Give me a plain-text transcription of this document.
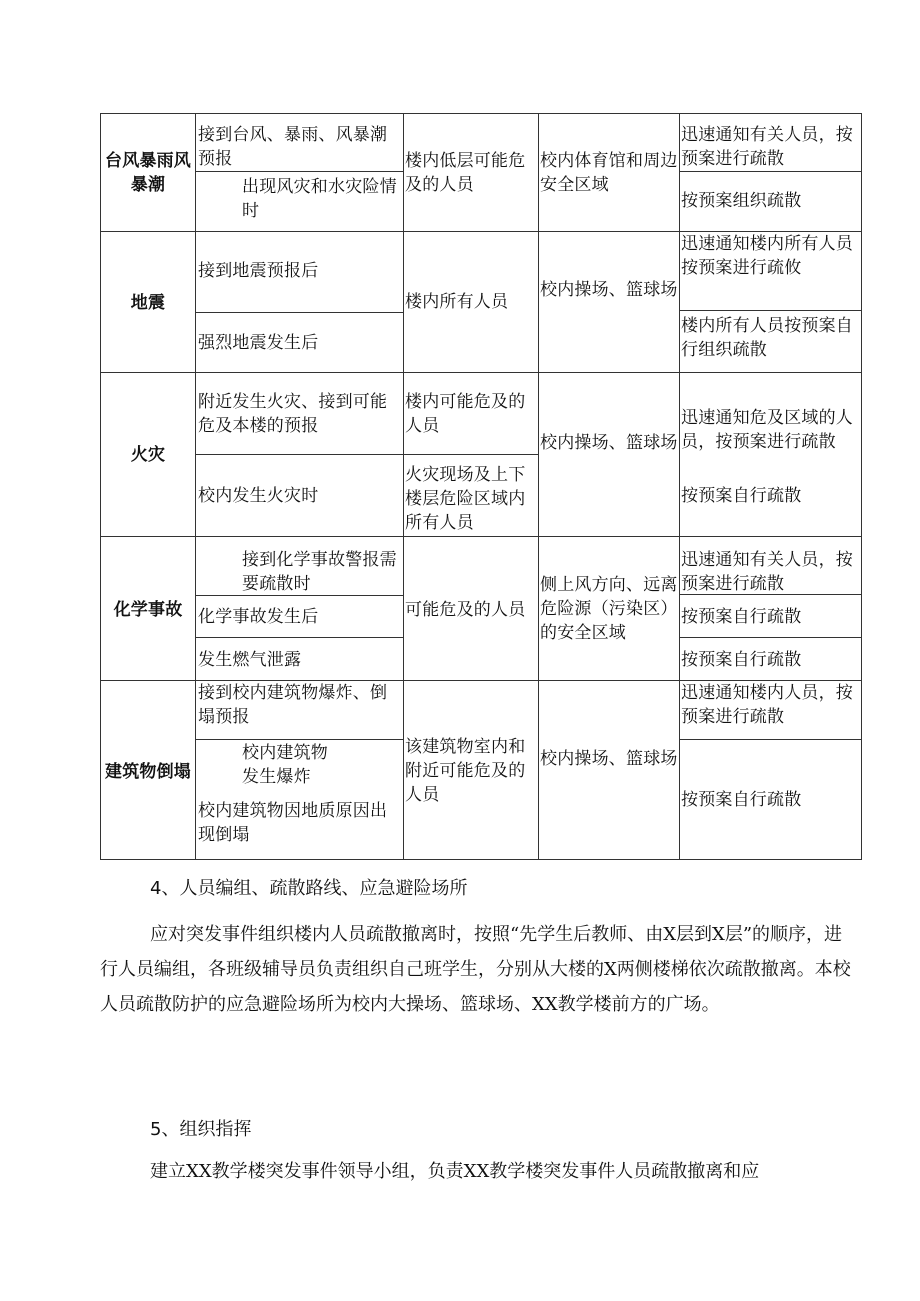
台风暴雨风暴潮
接到台风、暴雨、风暴潮预报
出现风灾和水灾险情时
楼内低层可能危及的人员
校内体育馆和周边安全区域
迅速通知有关人员，按预案进行疏散
按预案组织疏散
地震
接到地震预报后
强烈地震发生后
楼内所有人员
校内操场、篮球场
迅速通知楼内所有人员按预案进行疏攸
楼内所有人员按预案自行组织疏散
火灾
附近发生火灾、接到可能危及本楼的预报
校内发生火灾时
楼内可能危及的人员
火灾现场及上下楼层危险区域内所有人员
校内操场、篮球场
迅速通知危及区域的人员，按预案进行疏散
按预案自行疏散
化学事故
接到化学事故警报需要疏散时
化学事故发生后
发生燃气泄露
可能危及的人员
侧上风方向、远离危险源（污染区）的安全区域
迅速通知有关人员，按预案进行疏散
按预案自行疏散
按预案自行疏散
建筑物倒塌
接到校内建筑物爆炸、倒塌预报
校内建筑物
发生爆炸
校内建筑物因地质原因出现倒塌
该建筑物室内和附近可能危及的人员
校内操场、篮球场
迅速通知楼内人员，按预案进行疏散
按预案自行疏散
4、人员编组、疏散路线、应急避险场所
应对突发事件组织楼内人员疏散撤离时，按照“先学生后教师、由X层到X层”的顺序，进行人员编组，各班级辅导员负责组织自己班学生，分别从大楼的X两侧楼梯依次疏散撤离。本校人员疏散防护的应急避险场所为校内大操场、篮球场、XX教学楼前方的广场。
5、组织指挥
建立XX教学楼突发事件领导小组，负责XX教学楼突发事件人员疏散撤离和应
